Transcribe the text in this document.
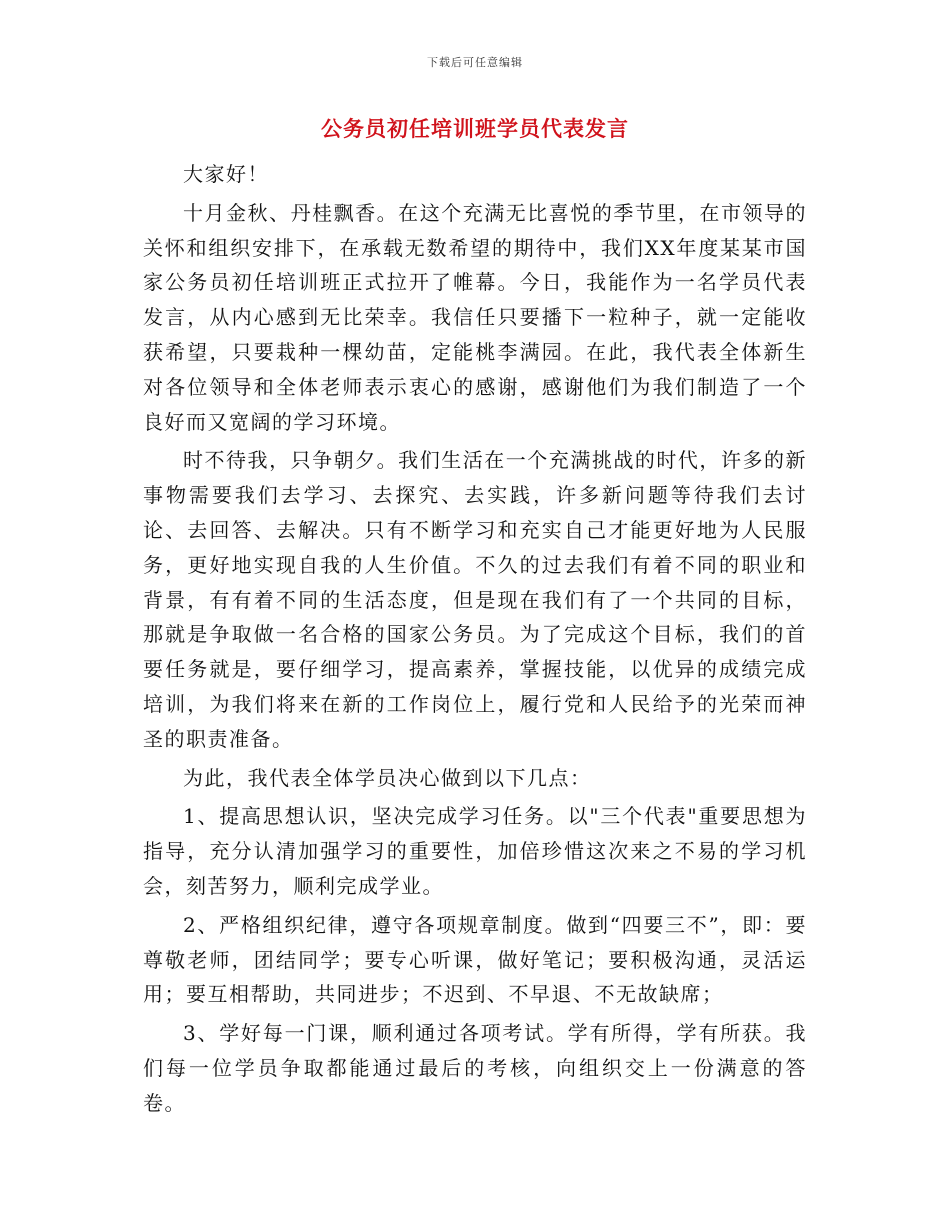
下载后可任意编辑
公务员初任培训班学员代表发言

大家好！

十月金秋、丹桂飘香。在这个充满无比喜悦的季节里，在市领导的关怀和组织安排下，在承载无数希望的期待中，我们XX年度某某市国家公务员初任培训班正式拉开了帷幕。今日，我能作为一名学员代表发言，从内心感到无比荣幸。我信任只要播下一粒种子，就一定能收获希望，只要栽种一棵幼苗，定能桃李满园。在此，我代表全体新生对各位领导和全体老师表示衷心的感谢，感谢他们为我们制造了一个良好而又宽阔的学习环境。

时不待我，只争朝夕。我们生活在一个充满挑战的时代，许多的新事物需要我们去学习、去探究、去实践，许多新问题等待我们去讨论、去回答、去解决。只有不断学习和充实自己才能更好地为人民服务，更好地实现自我的人生价值。不久的过去我们有着不同的职业和背景，有有着不同的生活态度，但是现在我们有了一个共同的目标，那就是争取做一名合格的国家公务员。为了完成这个目标，我们的首要任务就是，要仔细学习，提高素养，掌握技能，以优异的成绩完成培训，为我们将来在新的工作岗位上，履行党和人民给予的光荣而神圣的职责准备。

为此，我代表全体学员决心做到以下几点：

1、提高思想认识，坚决完成学习任务。以"三个代表"重要思想为指导，充分认清加强学习的重要性，加倍珍惜这次来之不易的学习机会，刻苦努力，顺利完成学业。

2、严格组织纪律，遵守各项规章制度。做到“四要三不”，即：要尊敬老师，团结同学；要专心听课，做好笔记；要积极沟通，灵活运用；要互相帮助，共同进步；不迟到、不早退、不无故缺席；

3、学好每一门课，顺利通过各项考试。学有所得，学有所获。我们每一位学员争取都能通过最后的考核，向组织交上一份满意的答卷。
